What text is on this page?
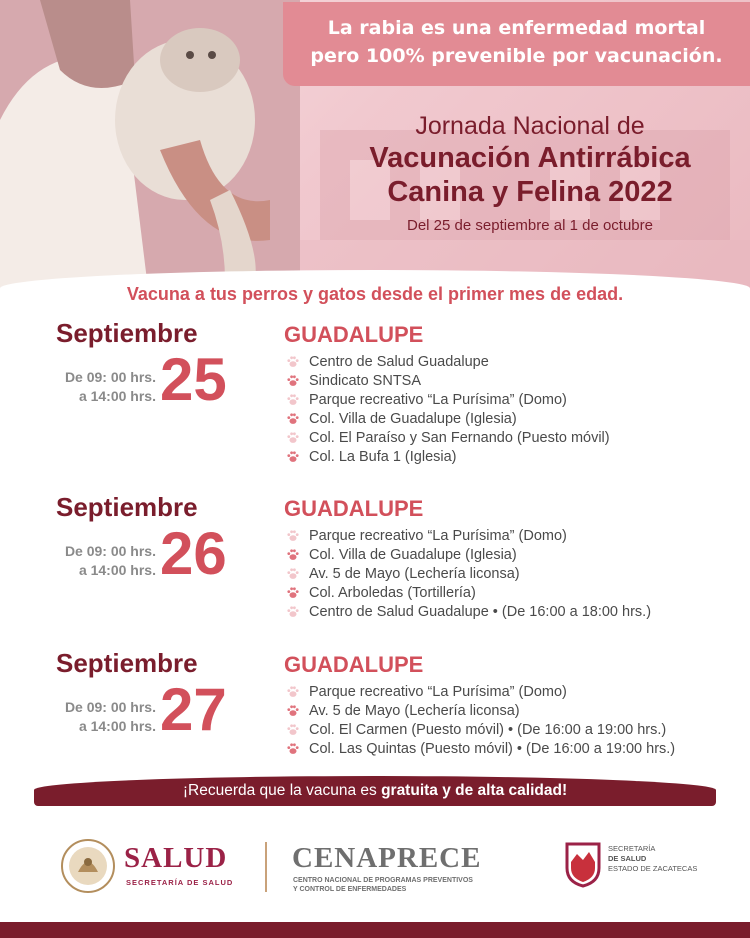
La rabia es una enfermedad mortal
pero 100% prevenible por vacunación.
Jornada Nacional de
Vacunación Antirrábica
Canina y Felina 2022
Del 25 de septiembre al 1 de octubre
Vacuna a tus perros y gatos desde el primer mes de edad.
Septiembre
De 09: 00 hrs.
a 14:00 hrs. 25
GUADALUPE
Centro de Salud Guadalupe
Sindicato SNTSA
Parque recreativo “La Purísima” (Domo)
Col. Villa de Guadalupe (Iglesia)
Col. El Paraíso y San Fernando (Puesto móvil)
Col. La Bufa 1 (Iglesia)
Septiembre
De 09: 00 hrs.
a 14:00 hrs. 26
GUADALUPE
Parque recreativo “La Purísima” (Domo)
Col. Villa de Guadalupe (Iglesia)
Av. 5 de Mayo (Lechería liconsa)
Col. Arboledas (Tortillería)
Centro de Salud Guadalupe • (De 16:00 a 18:00 hrs.)
Septiembre
De 09: 00 hrs.
a 14:00 hrs. 27
GUADALUPE
Parque recreativo “La Purísima” (Domo)
Av. 5 de Mayo (Lechería liconsa)
Col. El Carmen (Puesto móvil) • (De 16:00 a 19:00 hrs.)
Col. Las Quintas (Puesto móvil) • (De 16:00 a 19:00 hrs.)
¡Recuerda que la vacuna es gratuita y de alta calidad!
SALUD
SECRETARÍA DE SALUD
CENAPRECE
CENTRO NACIONAL DE PROGRAMAS PREVENTIVOS
Y CONTROL DE ENFERMEDADES
SECRETARÍA
DE SALUD
ESTADO DE ZACATECAS
